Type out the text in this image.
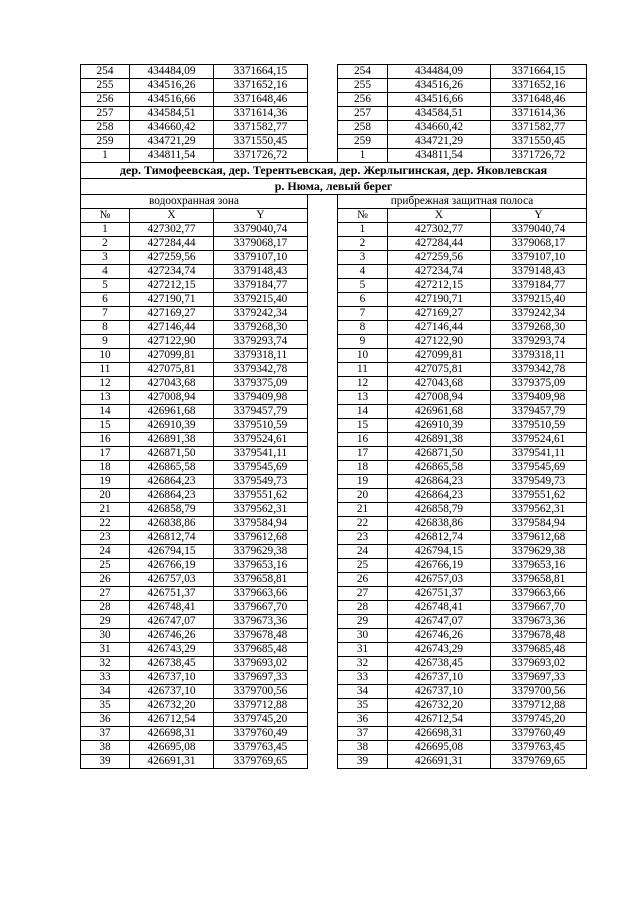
254	434484,09	3371664,15		254	434484,09	3371664,15
255	434516,26	3371652,16		255	434516,26	3371652,16
256	434516,66	3371648,46		256	434516,66	3371648,46
257	434584,51	3371614,36		257	434584,51	3371614,36
258	434660,42	3371582,77		258	434660,42	3371582,77
259	434721,29	3371550,45		259	434721,29	3371550,45
1	434811,54	3371726,72		1	434811,54	3371726,72
дер. Тимофеевская, дер. Терентьевская, дер. Жерлыгинская, дер. Яковлевская						
р. Нюма, левый берег						
водоохранная зона				прибрежная защитная полоса		
№	X	Y		№	X	Y
1	427302,77	3379040,74		1	427302,77	3379040,74
2	427284,44	3379068,17		2	427284,44	3379068,17
3	427259,56	3379107,10		3	427259,56	3379107,10
4	427234,74	3379148,43		4	427234,74	3379148,43
5	427212,15	3379184,77		5	427212,15	3379184,77
6	427190,71	3379215,40		6	427190,71	3379215,40
7	427169,27	3379242,34		7	427169,27	3379242,34
8	427146,44	3379268,30		8	427146,44	3379268,30
9	427122,90	3379293,74		9	427122,90	3379293,74
10	427099,81	3379318,11		10	427099,81	3379318,11
11	427075,81	3379342,78		11	427075,81	3379342,78
12	427043,68	3379375,09		12	427043,68	3379375,09
13	427008,94	3379409,98		13	427008,94	3379409,98
14	426961,68	3379457,79		14	426961,68	3379457,79
15	426910,39	3379510,59		15	426910,39	3379510,59
16	426891,38	3379524,61		16	426891,38	3379524,61
17	426871,50	3379541,11		17	426871,50	3379541,11
18	426865,58	3379545,69		18	426865,58	3379545,69
19	426864,23	3379549,73		19	426864,23	3379549,73
20	426864,23	3379551,62		20	426864,23	3379551,62
21	426858,79	3379562,31		21	426858,79	3379562,31
22	426838,86	3379584,94		22	426838,86	3379584,94
23	426812,74	3379612,68		23	426812,74	3379612,68
24	426794,15	3379629,38		24	426794,15	3379629,38
25	426766,19	3379653,16		25	426766,19	3379653,16
26	426757,03	3379658,81		26	426757,03	3379658,81
27	426751,37	3379663,66		27	426751,37	3379663,66
28	426748,41	3379667,70		28	426748,41	3379667,70
29	426747,07	3379673,36		29	426747,07	3379673,36
30	426746,26	3379678,48		30	426746,26	3379678,48
31	426743,29	3379685,48		31	426743,29	3379685,48
32	426738,45	3379693,02		32	426738,45	3379693,02
33	426737,10	3379697,33		33	426737,10	3379697,33
34	426737,10	3379700,56		34	426737,10	3379700,56
35	426732,20	3379712,88		35	426732,20	3379712,88
36	426712,54	3379745,20		36	426712,54	3379745,20
37	426698,31	3379760,49		37	426698,31	3379760,49
38	426695,08	3379763,45		38	426695,08	3379763,45
39	426691,31	3379769,65		39	426691,31	3379769,65
